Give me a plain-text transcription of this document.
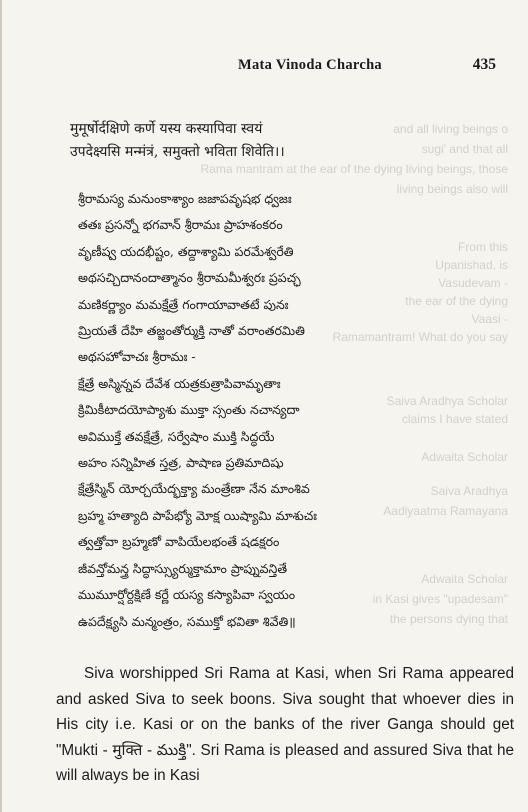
Mata Vinoda Charcha	435
and all living beings o
sugi' and that all
Rama mantram at the ear of the dying living beings, those
living beings also will
From this
Upanishad, is
Vasudevam -
the ear of the dying
Vaasi -
Ramamantram! What do you say
Saiva Aradhya Scholar
claims I have stated
Adwaita Scholar
Saiva Aradhya
Aadiyaatma Ramayana
Adwaita Scholar
in Kasi gives "upadesam"
the persons dying that
मुमूर्षोर्दक्षिणे कर्णे यस्य कस्यापिवा स्वयं
उपदेक्ष्यसि मन्मंत्रं, समुक्तो भविता शिवेति।।
శ్రీరామస్య మనుంకాశ్యాం జజాపవృషభ ధ్వజః
తతః ప్రసన్నో భగవాన్ శ్రీరామః ప్రాహశంకరం
వృణీష్వ యదభీష్టం, తద్దాశ్యామి పరమేశ్వరేతి
అథసచ్చిదానందాత్మానం శ్రీరామమీశ్వరః ప్రపచ్ఛ
మణికర్ణ్యాం మమక్షేత్రే గంగాయావాతటే పునః
మ్రియతే దేహి తజ్జంతోర్ముక్తి నాతో వరాంతరమితి
అథసహోవాచః శ్రీరామః -
క్షేత్రే అస్మిన్నవ దేవేశ యత్రకుత్రాపివామృతాః
క్రిమికీటాదయోప్యాశు ముక్తా స్సంతు నచాన్యదా
అవిముక్తే తవక్షేత్రే, సర్వేషాం ముక్తి సిద్ధయే
అహం సన్నిహిత స్తత్ర, పాషాణ ప్రతిమాదిషు
క్షేత్రేస్మిన్ యోర్చయేద్భక్త్యా మంత్రేణా నేన మాంశివ
బ్రహ్మ హత్యాది పాపేభ్యో మోక్ష యిష్యామి మాశుచః
త్వత్తోవా బ్రహ్మణో వాపియేలభంతే షడక్షరం
జీవన్తోమన్త్ర సిద్ధాస్స్యుర్ముక్తామాం ప్రాప్నువన్తితే
ముమూర్షోర్దక్షిణే కర్ణే యస్య కస్యాపివా స్వయం
ఉపదేక్ష్యసి మన్మంత్రం, సముక్తో భవితా శివేతి॥
Siva worshipped Sri Rama at Kasi, when Sri Rama appeared and asked Siva to seek boons. Siva sought that whoever dies in His city i.e. Kasi or on the banks of the river Ganga should get "Mukti - मुक्ति - ముక్తి". Sri Rama is pleased and assured Siva that he will always be in Kasi
